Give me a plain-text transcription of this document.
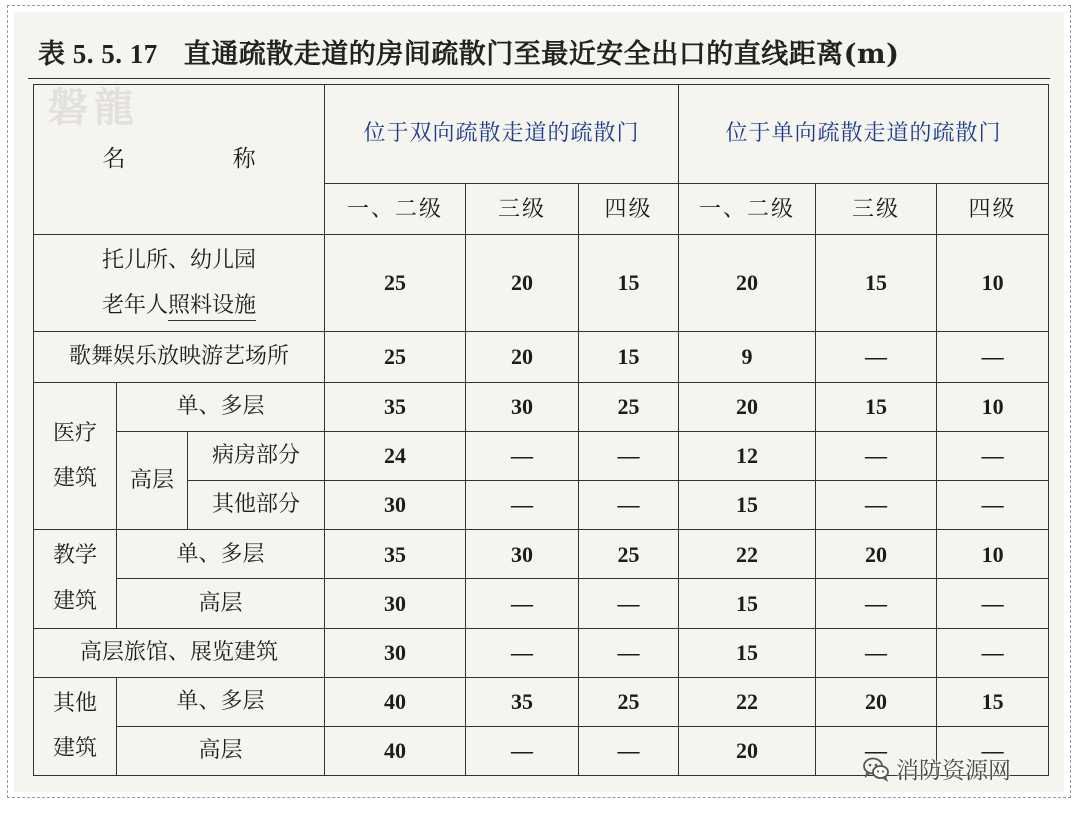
表 5. 5. 17 直通疏散走道的房间疏散门至最近安全出口的直线距离(m)
磐龍
名 称			位于双向疏散走道的疏散门			位于单向疏散走道的疏散门		
			一、二级	三级	四级	一、二级	三级	四级

托儿所、幼儿园
老年人照料设施			25	20	15	20	15	10
歌舞娱乐放映游艺场所			25	20	15	9	—	—

医疗
建筑	单、多层		35	30	25	20	15	10
	高层	病房部分	24	—	—	12	—	—
		其他部分	30	—	—	15	—	—

教学
建筑	单、多层		35	30	25	22	20	10
	高层		30	—	—	15	—	—
高层旅馆、展览建筑			30	—	—	15	—	—

其他
建筑	单、多层		40	35	25	22	20	15
	高层		40	—	—	20	—	—
消防资源网
